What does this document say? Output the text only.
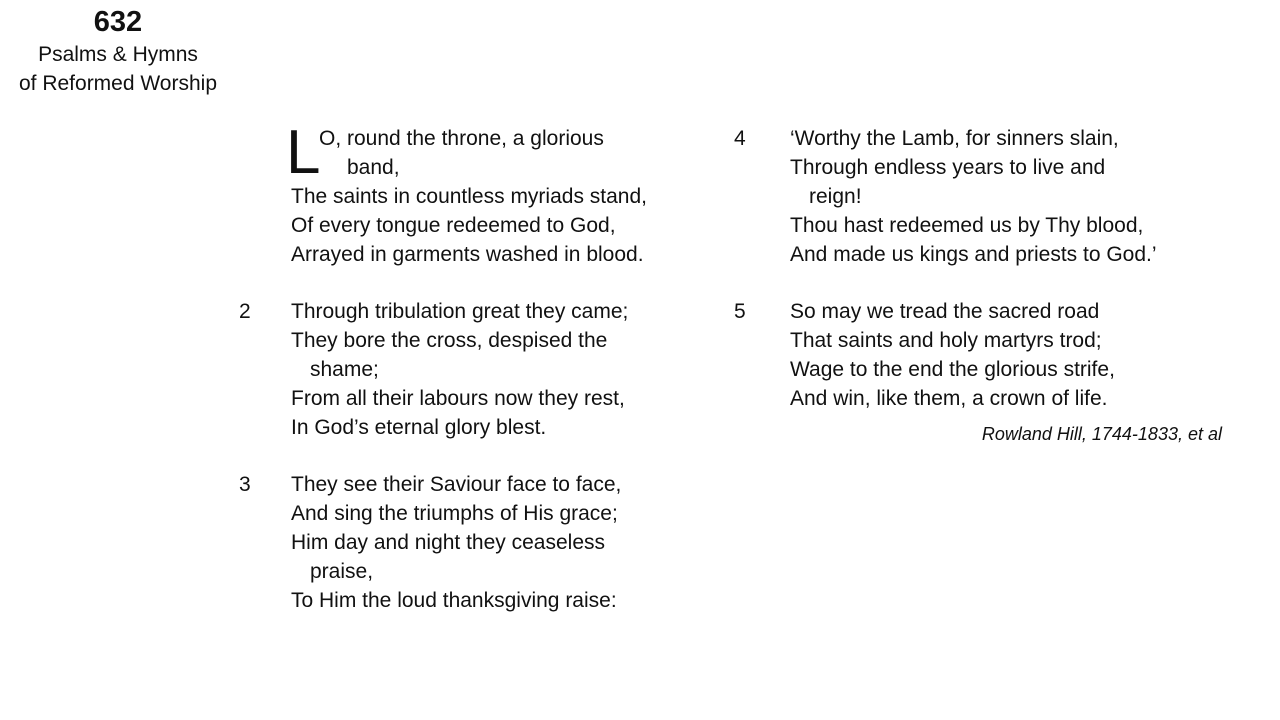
632
Psalms & Hymns
of Reformed Worship
L
O, round the throne, a glorious
band,
The saints in countless myriads stand,
Of every tongue redeemed to God,
Arrayed in garments washed in blood.
2 Through tribulation great they came;
They bore the cross, despised the
shame;
From all their labours now they rest,
In God’s eternal glory blest.
3 They see their Saviour face to face,
And sing the triumphs of His grace;
Him day and night they ceaseless
praise,
To Him the loud thanksgiving raise:
4 ‘Worthy the Lamb, for sinners slain,
Through endless years to live and
reign!
Thou hast redeemed us by Thy blood,
And made us kings and priests to God.’
5 So may we tread the sacred road
That saints and holy martyrs trod;
Wage to the end the glorious strife,
And win, like them, a crown of life.
Rowland Hill, 1744-1833, et al
